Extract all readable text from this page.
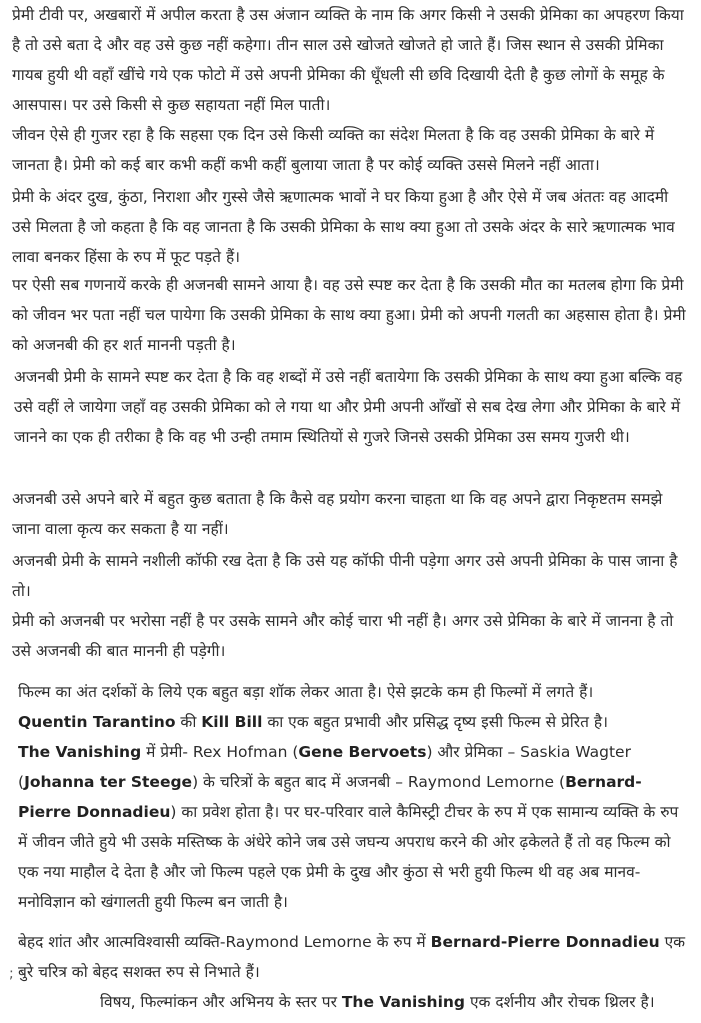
प्रेमी टीवी पर, अखबारों में अपील करता है उस अंजान व्यक्ति के नाम कि अगर किसी ने उसकी प्रेमिका का अपहरण किया है तो उसे बता दे और वह उसे कुछ नहीं कहेगा। तीन साल उसे खोजते खोजते हो जाते हैं। जिस स्थान से उसकी प्रेमिका गायब हुयी थी वहाँ खींचे गये एक फोटो में उसे अपनी प्रेमिका की धूँधली सी छवि दिखायी देती है कुछ लोगों के समूह के आसपास। पर उसे किसी से कुछ सहायता नहीं मिल पाती।

जीवन ऐसे ही गुजर रहा है कि सहसा एक दिन उसे किसी व्यक्ति का संदेश मिलता है कि वह उसकी प्रेमिका के बारे में जानता है। प्रेमी को कई बार कभी कहीं कभी कहीं बुलाया जाता है पर कोई व्यक्ति उससे मिलने नहीं आता।

प्रेमी के अंदर दुख, कुंठा, निराशा और गुस्से जैसे ऋणात्मक भावों ने घर किया हुआ है और ऐसे में जब अंततः वह आदमी उसे मिलता है जो कहता है कि वह जानता है कि उसकी प्रेमिका के साथ क्या हुआ तो उसके अंदर के सारे ऋणात्मक भाव लावा बनकर हिंसा के रुप में फूट पड़ते हैं।

पर ऐसी सब गणनायें करके ही अजनबी सामने आया है। वह उसे स्पष्ट कर देता है कि उसकी मौत का मतलब होगा कि प्रेमी को जीवन भर पता नहीं चल पायेगा कि उसकी प्रेमिका के साथ क्या हुआ। प्रेमी को अपनी गलती का अहसास होता है। प्रेमी को अजनबी की हर शर्त माननी पड़ती है।

अजनबी प्रेमी के सामने स्पष्ट कर देता है कि वह शब्दों में उसे नहीं बतायेगा कि उसकी प्रेमिका के साथ क्या हुआ बल्कि वह उसे वहीं ले जायेगा जहाँ वह उसकी प्रेमिका को ले गया था और प्रेमी अपनी आँखों से सब देख लेगा और प्रेमिका के बारे में जानने का एक ही तरीका है कि वह भी उन्ही तमाम स्थितियों से गुजरे जिनसे उसकी प्रेमिका उस समय गुजरी थी।

अजनबी उसे अपने बारे में बहुत कुछ बताता है कि कैसे वह प्रयोग करना चाहता था कि वह अपने द्वारा निकृष्टतम समझे जाना वाला कृत्य कर सकता है या नहीं।

अजनबी प्रेमी के सामने नशीली कॉफी रख देता है कि उसे यह कॉफी पीनी पड़ेगा अगर उसे अपनी प्रेमिका के पास जाना है तो।

प्रेमी को अजनबी पर भरोसा नहीं है पर उसके सामने और कोई चारा भी नहीं है। अगर उसे प्रेमिका के बारे में जानना है तो उसे अजनबी की बात माननी ही पड़ेगी।

फिल्म का अंत दर्शकों के लिये एक बहुत बड़ा शॉक लेकर आता है। ऐसे झटके कम ही फिल्मों में लगते हैं।

Quentin Tarantino की Kill Bill का एक बहुत प्रभावी और प्रसिद्ध दृष्य इसी फिल्म से प्रेरित है।

The Vanishing में प्रेमी- Rex Hofman (Gene Bervoets) और प्रेमिका – Saskia Wagter (Johanna ter Steege) के चरित्रों के बहुत बाद में अजनबी – Raymond Lemorne (Bernard-Pierre Donnadieu) का प्रवेश होता है। पर घर-परिवार वाले कैमिस्ट्री टीचर के रुप में एक सामान्य व्यक्ति के रुप में जीवन जीते हुये भी उसके मस्तिष्क के अंधेरे कोने जब उसे जघन्य अपराध करने की ओर ढ़केलते हैं तो वह फिल्म को एक नया माहौल दे देता है और जो फिल्म पहले एक प्रेमी के दुख और कुंठा से भरी हुयी फिल्म थी वह अब मानव-मनोविज्ञान को खंगालती हुयी फिल्म बन जाती है।

बेहद शांत और आत्मविश्वासी व्यक्ति-Raymond Lemorne के रुप में Bernard-Pierre Donnadieu एक बुरे चरित्र को बेहद सशक्त रुप से निभाते हैं।

;

विषय, फिल्मांकन और अभिनय के स्तर पर The Vanishing एक दर्शनीय और रोचक थ्रिलर है।
